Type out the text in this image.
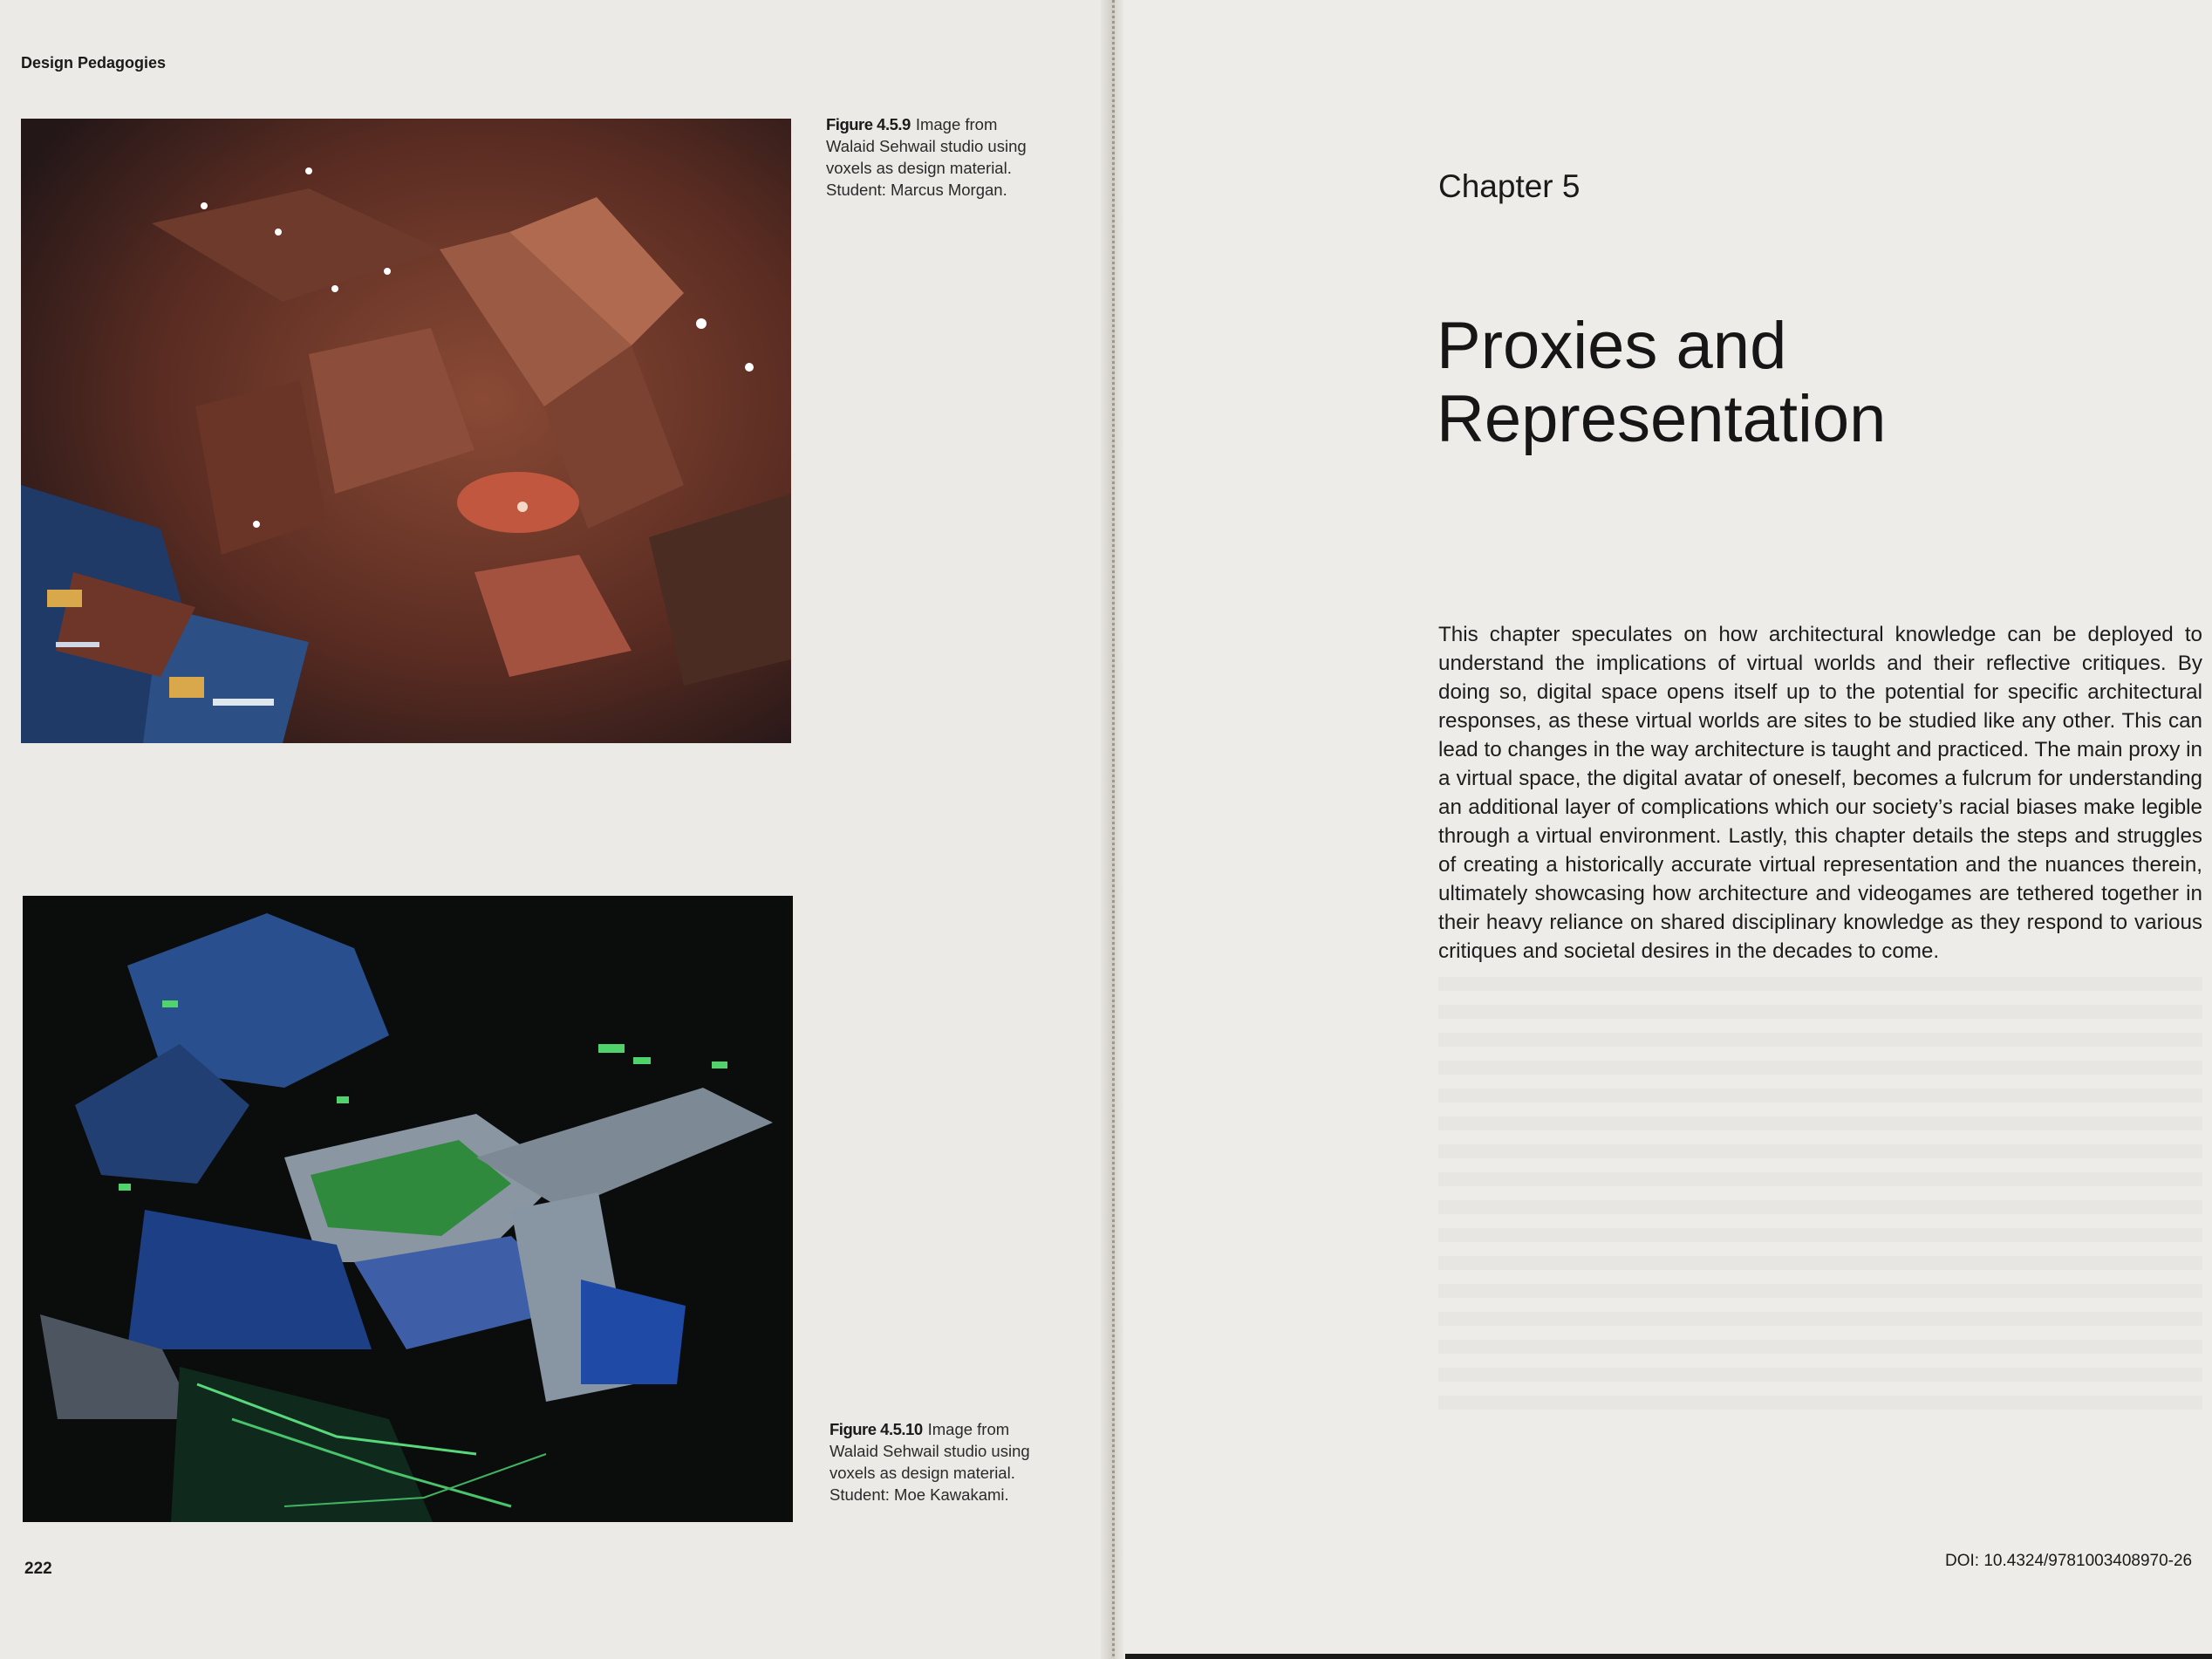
Design Pedagogies
Figure 4.5.9 Image from Walaid Sehwail studio using voxels as design material. Student: Marcus Morgan.
Figure 4.5.10 Image from Walaid Sehwail studio using voxels as design material. Student: Moe Kawakami.
222
Chapter 5
Proxies and
Representation
This chapter speculates on how architectural knowledge can be deployed to understand the implications of virtual worlds and their reflective critiques. By doing so, digital space opens itself up to the potential for specific architectural responses, as these virtual worlds are sites to be studied like any other. This can lead to changes in the way architecture is taught and practiced. The main proxy in a virtual space, the digital avatar of oneself, becomes a fulcrum for understanding an additional layer of complications which our society’s racial biases make legible through a virtual environment. Lastly, this chapter details the steps and struggles of creating a historically accurate virtual representation and the nuances therein, ultimately showcasing how architecture and videogames are tethered together in their heavy reliance on shared disciplinary knowledge as they respond to various critiques and societal desires in the decades to come.
DOI: 10.4324/9781003408970-26
